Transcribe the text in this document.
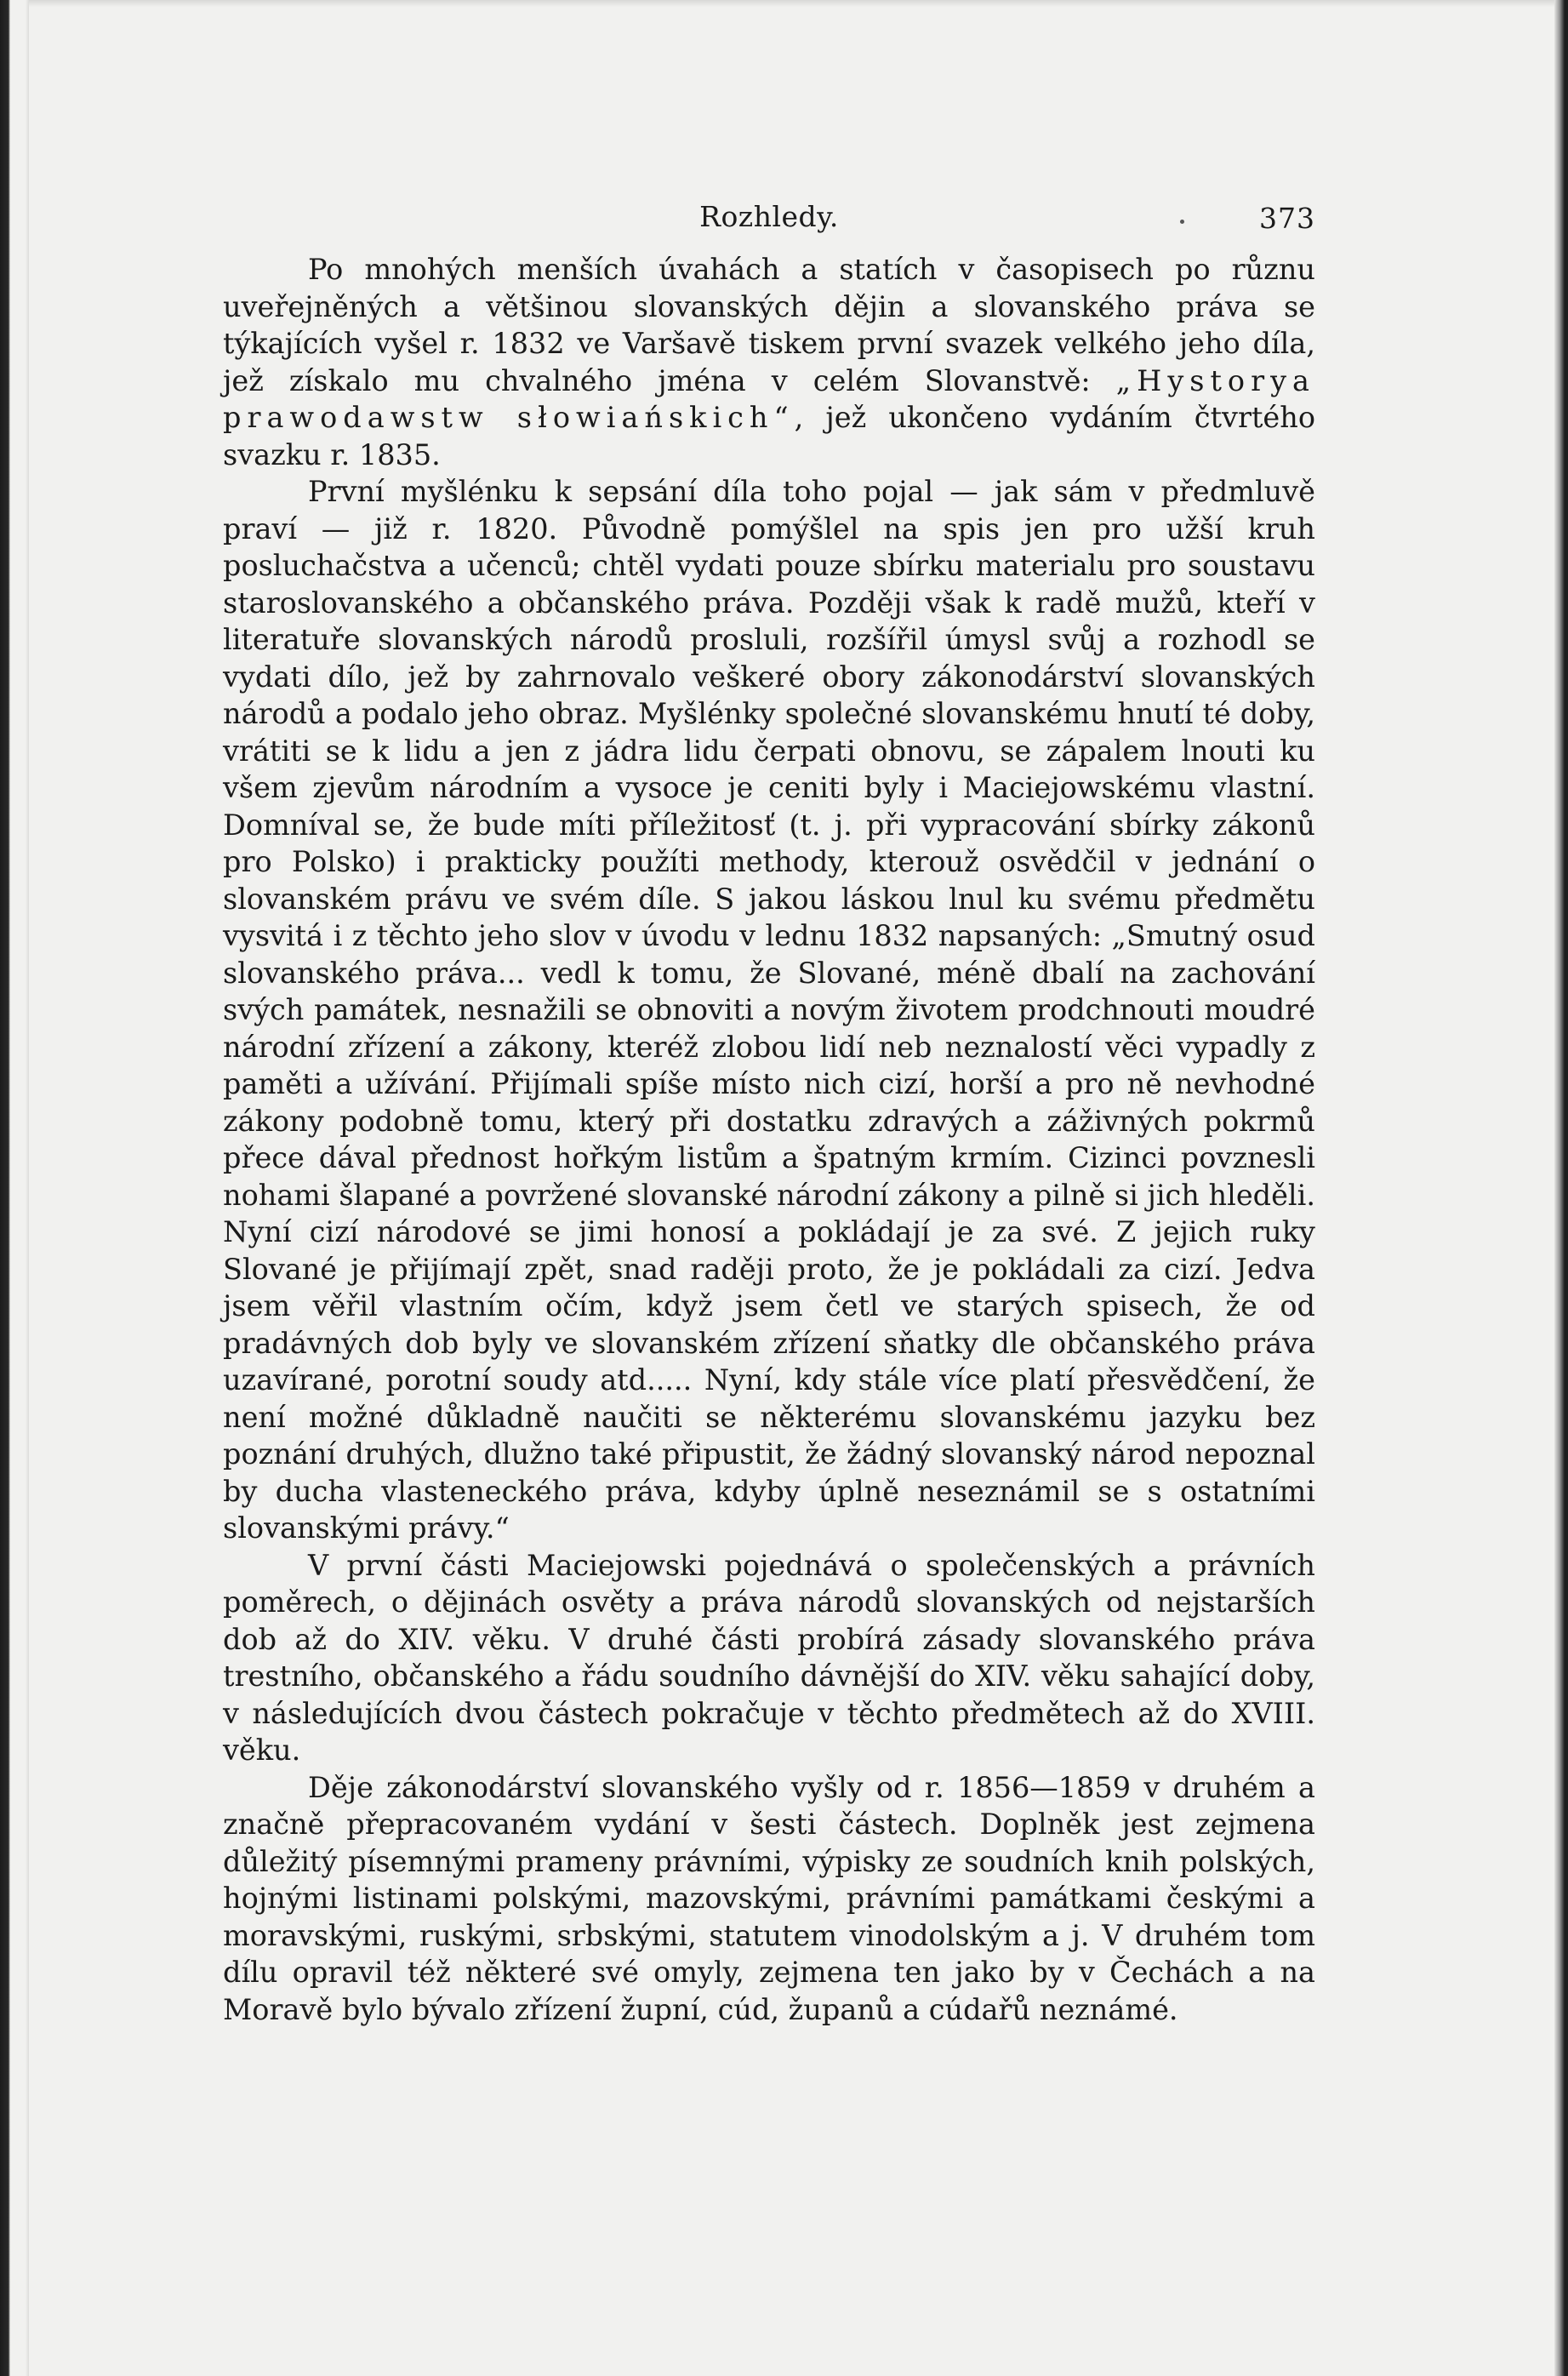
Rozhledy.	373

Po mnohých menších úvahách a statích v časopisech po různu uveřejněných a většinou slovanských dějin a slovanského práva se týkajících vyšel r. 1832 ve Varšavě tiskem první svazek velkého jeho díla, jež získalo mu chvalného jména v celém Slovanstvě: „Hystorya prawodawstw słowiańskich“, jež ukončeno vydáním čtvrtého svazku r. 1835.

První myšlénku k sepsání díla toho pojal — jak sám v předmluvě praví — již r. 1820. Původně pomýšlel na spis jen pro užší kruh posluchačstva a učenců; chtěl vydati pouze sbírku materialu pro soustavu staroslovanského a občanského práva. Později však k radě mužů, kteří v literatuře slovanských národů prosluli, rozšířil úmysl svůj a rozhodl se vydati dílo, jež by zahrnovalo veškeré obory zákonodárství slovanských národů a podalo jeho obraz. Myšlénky společné slovanskému hnutí té doby, vrátiti se k lidu a jen z jádra lidu čerpati obnovu, se zápalem lnouti ku všem zjevům národním a vysoce je ceniti byly i Maciejowskému vlastní. Domníval se, že bude míti příležitosť (t. j. při vypracování sbírky zákonů pro Polsko) i prakticky použíti methody, kterouž osvědčil v jednání o slovanském právu ve svém díle. S jakou láskou lnul ku svému předmětu vysvitá i z těchto jeho slov v úvodu v lednu 1832 napsaných: „Smutný osud slovanského práva... vedl k tomu, že Slované, méně dbalí na zachování svých památek, nesnažili se obnoviti a novým životem prodchnouti moudré národní zřízení a zákony, kteréž zlobou lidí neb neznalostí věci vypadly z paměti a užívání. Přijímali spíše místo nich cizí, horší a pro ně nevhodné zákony podobně tomu, který při dostatku zdravých a záživných pokrmů přece dával přednost hořkým listům a špatným krmím. Cizinci povznesli nohami šlapané a povržené slovanské národní zákony a pilně si jich hleděli. Nyní cizí národové se jimi honosí a pokládají je za své. Z jejich ruky Slované je přijímají zpět, snad raději proto, že je pokládali za cizí. Jedva jsem věřil vlastním očím, když jsem četl ve starých spisech, že od pradávných dob byly ve slovanském zřízení sňatky dle občanského práva uzavírané, porotní soudy atd..... Nyní, kdy stále více platí přesvědčení, že není možné důkladně naučiti se některému slovanskému jazyku bez poznání druhých, dlužno také připustit, že žádný slovanský národ nepoznal by ducha vlasteneckého práva, kdyby úplně neseznámil se s ostatními slovanskými právy.“

V první části Maciejowski pojednává o společenských a právních poměrech, o dějinách osvěty a práva národů slovanských od nejstarších dob až do XIV. věku. V druhé části probírá zásady slovanského práva trestního, občanského a řádu soudního dávnější do XIV. věku sahající doby, v následujících dvou částech pokračuje v těchto předmětech až do XVIII. věku.

Děje zákonodárství slovanského vyšly od r. 1856—1859 v druhém a značně přepracovaném vydání v šesti částech. Doplněk jest zejmena důležitý písemnými prameny právními, výpisky ze soudních knih polských, hojnými listinami polskými, mazovskými, právními památkami českými a moravskými, ruskými, srbskými, statutem vinodolským a j. V druhém tom dílu opravil též některé své omyly, zejmena ten jako by v Čechách a na Moravě bylo bývalo zřízení župní, cúd, županů a cúdařů neznámé.
